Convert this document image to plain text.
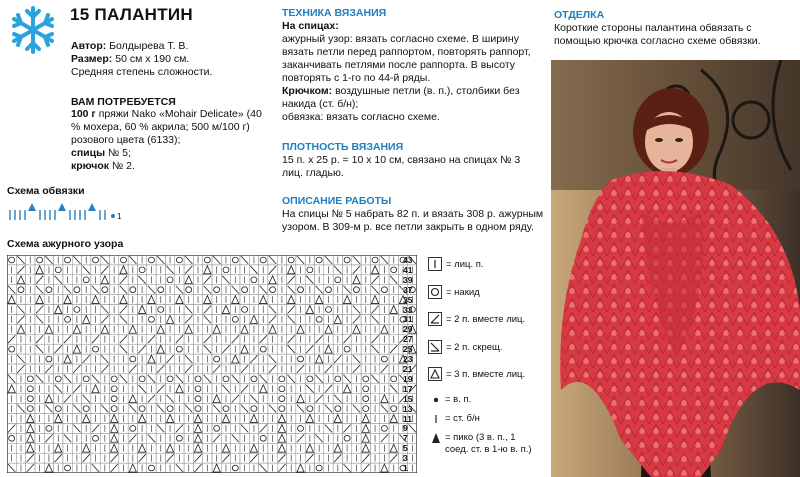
15 ПАЛАНТИН
Автор: Болдырева Т. В.
Размер: 50 см х 190 см.
Средняя степень сложности.
ВАМ ПОТРЕБУЕТСЯ
100 г пряжи Nako «Mohair Delicate» (40 % мохера, 60 % акрила; 500 м/100 г) розового цвета (6133);
спицы № 5;
крючок № 2.
Схема обвязки
1
Схема ажурного узора
43
41
39
37
35
33
31
29
27
25
23
21
19
17
15
13
11
9
7
5
3
1
= лиц. п.
= накид
= 2 п. вместе лиц.
= 2 п. скрещ.
= 3 п. вместе лиц.
= в. п.
= ст. б/н
= пико (3 в. п., 1 соед. ст. в 1-ю в. п.)
ТЕХНИКА ВЯЗАНИЯ
На спицах:
ажурный узор: вязать согласно схеме. В ширину вязать петли перед раппортом, повторять раппорт, заканчивать петлями после раппорта. В высоту повторять с 1-го по 44-й ряды.
Крючком: воздушные петли (в. п.), столбики без накида (ст. б/н);
обвязка: вязать согласно схеме.
ПЛОТНОСТЬ ВЯЗАНИЯ
15 п. х 25 р. = 10 х 10 см, связано на спицах № 3 лиц. гладью.
ОПИСАНИЕ РАБОТЫ
На спицы № 5 набрать 82 п. и вязать 308 р. ажурным узором. В 309-м р. все петли закрыть в одном ряду.
ОТДЕЛКА
Короткие стороны палантина обвязать с помощью крючка согласно схеме обвязки.
